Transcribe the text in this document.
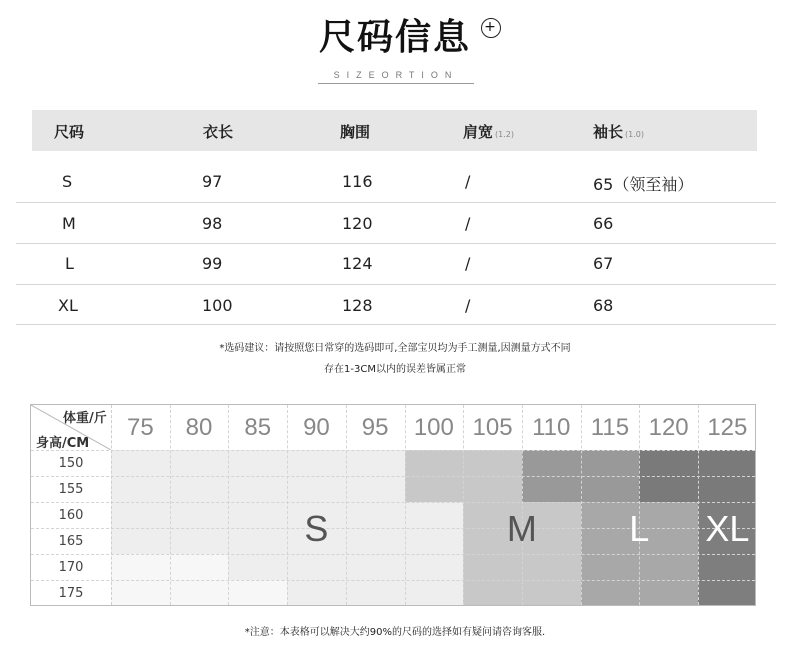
尺码信息 +
SIZEORTION
尺码	衣长	胸围	肩宽 (1.2)	袖长 (1.0)
S	97	116	/	65（领至袖）
M	98	120	/	66
L	99	124	/	67
XL	100	128	/	68
*选码建议：请按照您日常穿的选码即可,全部宝贝均为手工测量,因测量方式不同
存在1-3CM以内的误差皆属正常
体重/斤
身高/CM
75	80	85	90	95	100 105 110 115 120 125
150
155
160
165
170
175
S	M	L	XL
*注意：本表格可以解决大约90%的尺码的选择如有疑问请咨询客服.
